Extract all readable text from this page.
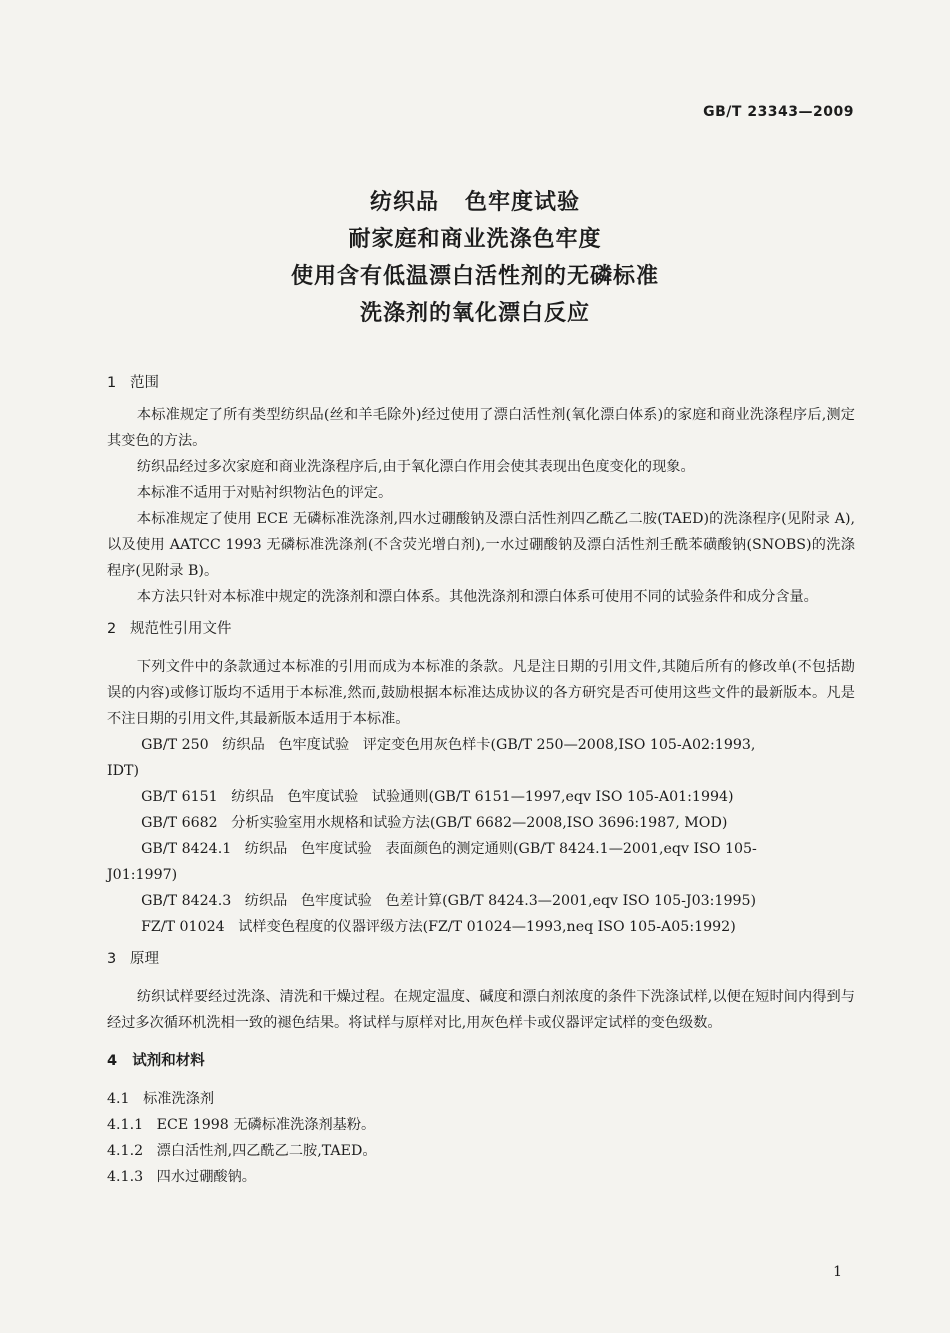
GB/T 23343—2009
纺织品   色牢度试验
耐家庭和商业洗涤色牢度
使用含有低温漂白活性剂的无磷标准
洗涤剂的氧化漂白反应
1   范围
本标准规定了所有类型纺织品(丝和羊毛除外)经过使用了漂白活性剂(氧化漂白体系)的家庭和商业洗涤程序后,测定其变色的方法。
纺织品经过多次家庭和商业洗涤程序后,由于氧化漂白作用会使其表现出色度变化的现象。
本标准不适用于对贴衬织物沾色的评定。
本标准规定了使用 ECE 无磷标准洗涤剂,四水过硼酸钠及漂白活性剂四乙酰乙二胺(TAED)的洗涤程序(见附录 A),以及使用 AATCC 1993 无磷标准洗涤剂(不含荧光增白剂),一水过硼酸钠及漂白活性剂壬酰苯磺酸钠(SNOBS)的洗涤程序(见附录 B)。
本方法只针对本标准中规定的洗涤剂和漂白体系。其他洗涤剂和漂白体系可使用不同的试验条件和成分含量。
2   规范性引用文件
下列文件中的条款通过本标准的引用而成为本标准的条款。凡是注日期的引用文件,其随后所有的修改单(不包括勘误的内容)或修订版均不适用于本标准,然而,鼓励根据本标准达成协议的各方研究是否可使用这些文件的最新版本。凡是不注日期的引用文件,其最新版本适用于本标准。
GB/T 250   纺织品   色牢度试验   评定变色用灰色样卡(GB/T 250—2008,ISO 105-A02:1993,
IDT)
GB/T 6151   纺织品   色牢度试验   试验通则(GB/T 6151—1997,eqv ISO 105-A01:1994)
GB/T 6682   分析实验室用水规格和试验方法(GB/T 6682—2008,ISO 3696:1987, MOD)
GB/T 8424.1   纺织品   色牢度试验   表面颜色的测定通则(GB/T 8424.1—2001,eqv ISO 105-
J01:1997)
GB/T 8424.3   纺织品   色牢度试验   色差计算(GB/T 8424.3—2001,eqv ISO 105-J03:1995)
FZ/T 01024   试样变色程度的仪器评级方法(FZ/T 01024—1993,neq ISO 105-A05:1992)
3   原理
纺织试样要经过洗涤、清洗和干燥过程。在规定温度、碱度和漂白剂浓度的条件下洗涤试样,以便在短时间内得到与经过多次循环机洗相一致的褪色结果。将试样与原样对比,用灰色样卡或仪器评定试样的变色级数。
4   试剂和材料
4.1   标准洗涤剂
4.1.1   ECE 1998 无磷标准洗涤剂基粉。
4.1.2   漂白活性剂,四乙酰乙二胺,TAED。
4.1.3   四水过硼酸钠。
1
